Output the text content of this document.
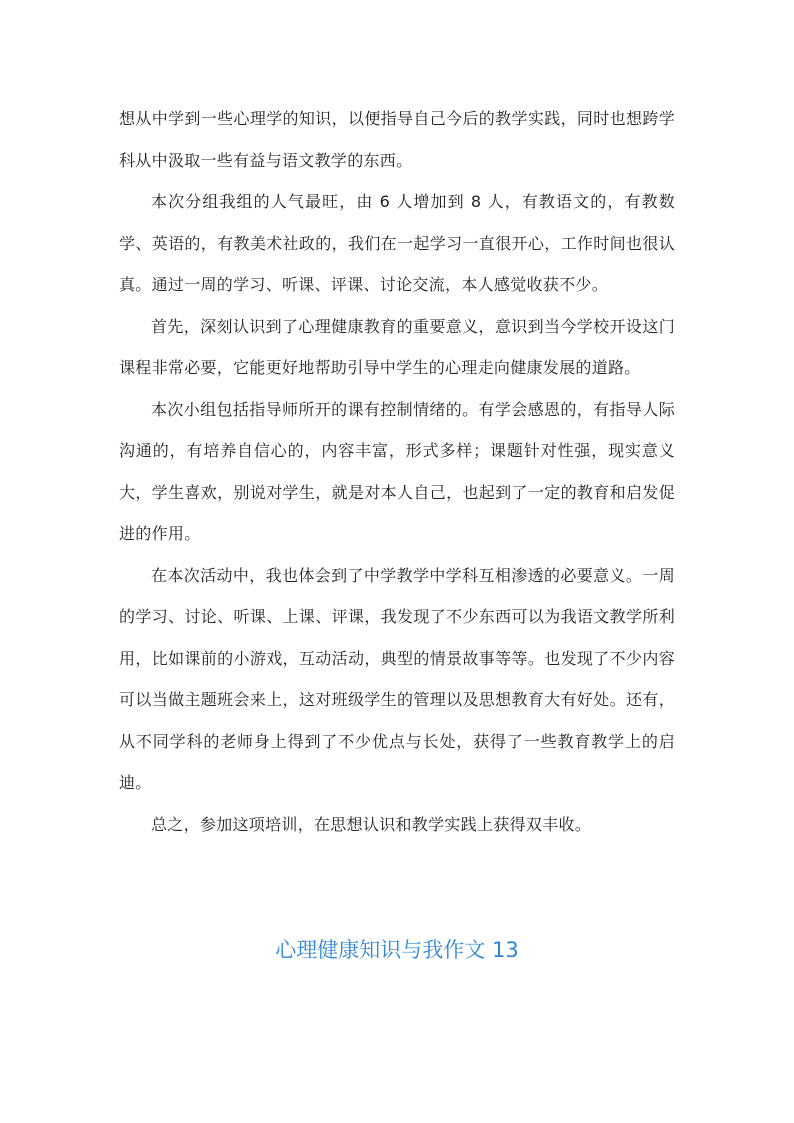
想从中学到一些心理学的知识，以便指导自己今后的教学实践，同时也想跨学科从中汲取一些有益与语文教学的东西。

本次分组我组的人气最旺，由 6 人增加到 8 人，有教语文的，有教数学、英语的，有教美术社政的，我们在一起学习一直很开心，工作时间也很认真。通过一周的学习、听课、评课、讨论交流，本人感觉收获不少。

首先，深刻认识到了心理健康教育的重要意义，意识到当今学校开设这门课程非常必要，它能更好地帮助引导中学生的心理走向健康发展的道路。

本次小组包括指导师所开的课有控制情绪的。有学会感恩的，有指导人际沟通的，有培养自信心的，内容丰富，形式多样；课题针对性强，现实意义大，学生喜欢，别说对学生，就是对本人自己，也起到了一定的教育和启发促进的作用。

在本次活动中，我也体会到了中学教学中学科互相渗透的必要意义。一周的学习、讨论、听课、上课、评课，我发现了不少东西可以为我语文教学所利用，比如课前的小游戏，互动活动，典型的情景故事等等。也发现了不少内容可以当做主题班会来上，这对班级学生的管理以及思想教育大有好处。还有，从不同学科的老师身上得到了不少优点与长处，获得了一些教育教学上的启迪。

总之，参加这项培训，在思想认识和教学实践上获得双丰收。

心理健康知识与我作文 13
